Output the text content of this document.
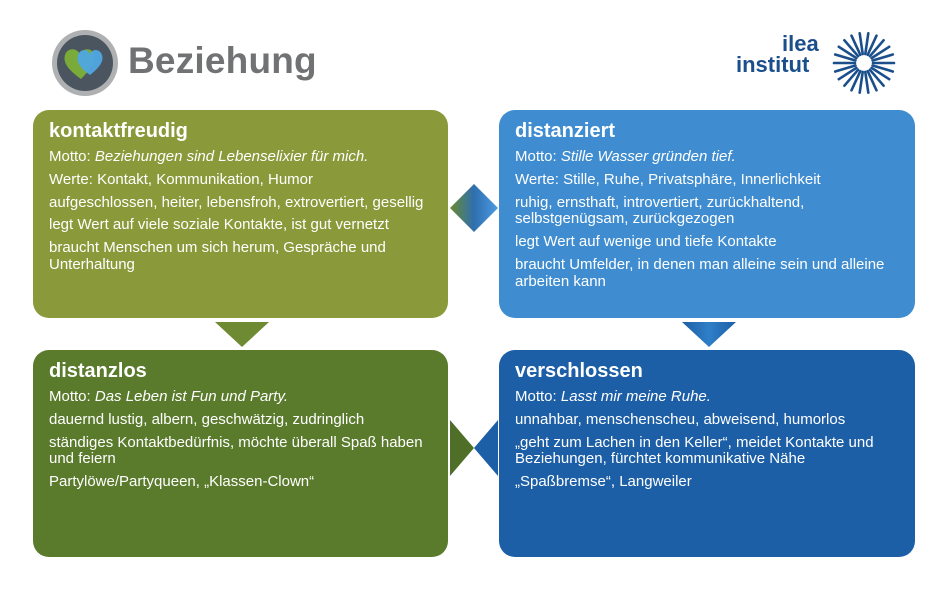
Beziehung	ilea
institut
kontaktfreudig
Motto: Beziehungen sind Lebenselixier für mich.
Werte: Kontakt, Kommunikation, Humor
aufgeschlossen, heiter, lebensfroh, extrovertiert, gesellig
legt Wert auf viele soziale Kontakte, ist gut vernetzt
braucht Menschen um sich herum, Gespräche und Unterhaltung
distanziert
Motto: Stille Wasser gründen tief.
Werte: Stille, Ruhe, Privatsphäre, Innerlichkeit
ruhig, ernsthaft, introvertiert, zurückhaltend, selbstgenügsam, zurückgezogen
legt Wert auf wenige und tiefe Kontakte
braucht Umfelder, in denen man alleine sein und alleine arbeiten kann
distanzlos
Motto: Das Leben ist Fun und Party.
dauernd lustig, albern, geschwätzig, zudringlich
ständiges Kontaktbedürfnis, möchte überall Spaß haben und feiern
Partylöwe/Partyqueen, „Klassen-Clown“
verschlossen
Motto: Lasst mir meine Ruhe.
unnahbar, menschenscheu, abweisend, humorlos
„geht zum Lachen in den Keller“, meidet Kontakte und Beziehungen, fürchtet kommunikative Nähe
„Spaßbremse“, Langweiler
